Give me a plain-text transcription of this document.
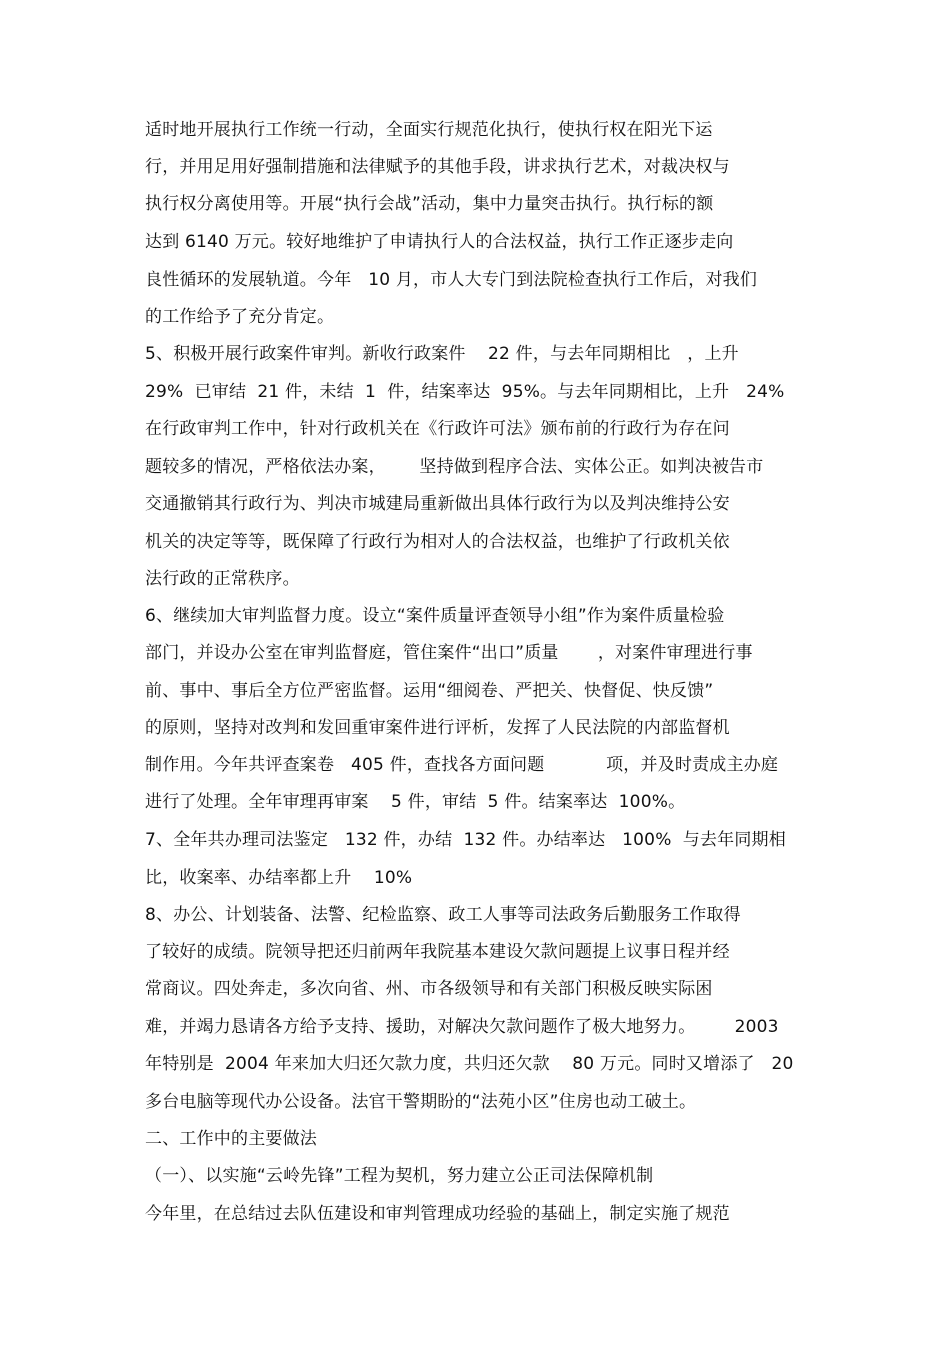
适时地开展执行工作统一行动，全面实行规范化执行，使执行权在阳光下运
行，并用足用好强制措施和法律赋予的其他手段，讲求执行艺术，对裁决权与
执行权分离使用等。开展“执行会战”活动，集中力量突击执行。执行标的额
达到 6140 万元。较好地维护了申请执行人的合法权益，执行工作正逐步走向
良性循环的发展轨道。今年   10 月，市人大专门到法院检查执行工作后，对我们
的工作给予了充分肯定。
5、积极开展行政案件审判。新收行政案件    22 件，与去年同期相比   ，上升
29%  已审结  21 件，未结  1  件，结案率达  95%。与去年同期相比，上升   24%
在行政审判工作中，针对行政机关在《行政许可法》颁布前的行政行为存在问
题较多的情况，严格依法办案，      坚持做到程序合法、实体公正。如判决被告市
交通撤销其行政行为、判决市城建局重新做出具体行政行为以及判决维持公安
机关的决定等等，既保障了行政行为相对人的合法权益，也维护了行政机关依
法行政的正常秩序。
6、继续加大审判监督力度。设立“案件质量评查领导小组”作为案件质量检验
部门，并设办公室在审判监督庭，管住案件“出口”质量       ，对案件审理进行事
前、事中、事后全方位严密监督。运用“细阅卷、严把关、快督促、快反馈”
的原则，坚持对改判和发回重审案件进行评析，发挥了人民法院的内部监督机
制作用。今年共评查案卷   405 件，查找各方面问题           项，并及时责成主办庭
进行了处理。全年审理再审案    5 件，审结  5 件。结案率达  100%。
7、全年共办理司法鉴定   132 件，办结  132 件。办结率达   100%  与去年同期相
比，收案率、办结率都上升    10%
8、办公、计划装备、法警、纪检监察、政工人事等司法政务后勤服务工作取得
了较好的成绩。院领导把还归前两年我院基本建设欠款问题提上议事日程并经
常商议。四处奔走，多次向省、州、市各级领导和有关部门积极反映实际困
难，并竭力恳请各方给予支持、援助，对解决欠款问题作了极大地努力。       2003
年特别是  2004 年来加大归还欠款力度，共归还欠款    80 万元。同时又增添了   20
多台电脑等现代办公设备。法官干警期盼的“法苑小区”住房也动工破土。
二、工作中的主要做法
（一）、以实施“云岭先锋”工程为契机，努力建立公正司法保障机制
今年里，在总结过去队伍建设和审判管理成功经验的基础上，制定实施了规范
